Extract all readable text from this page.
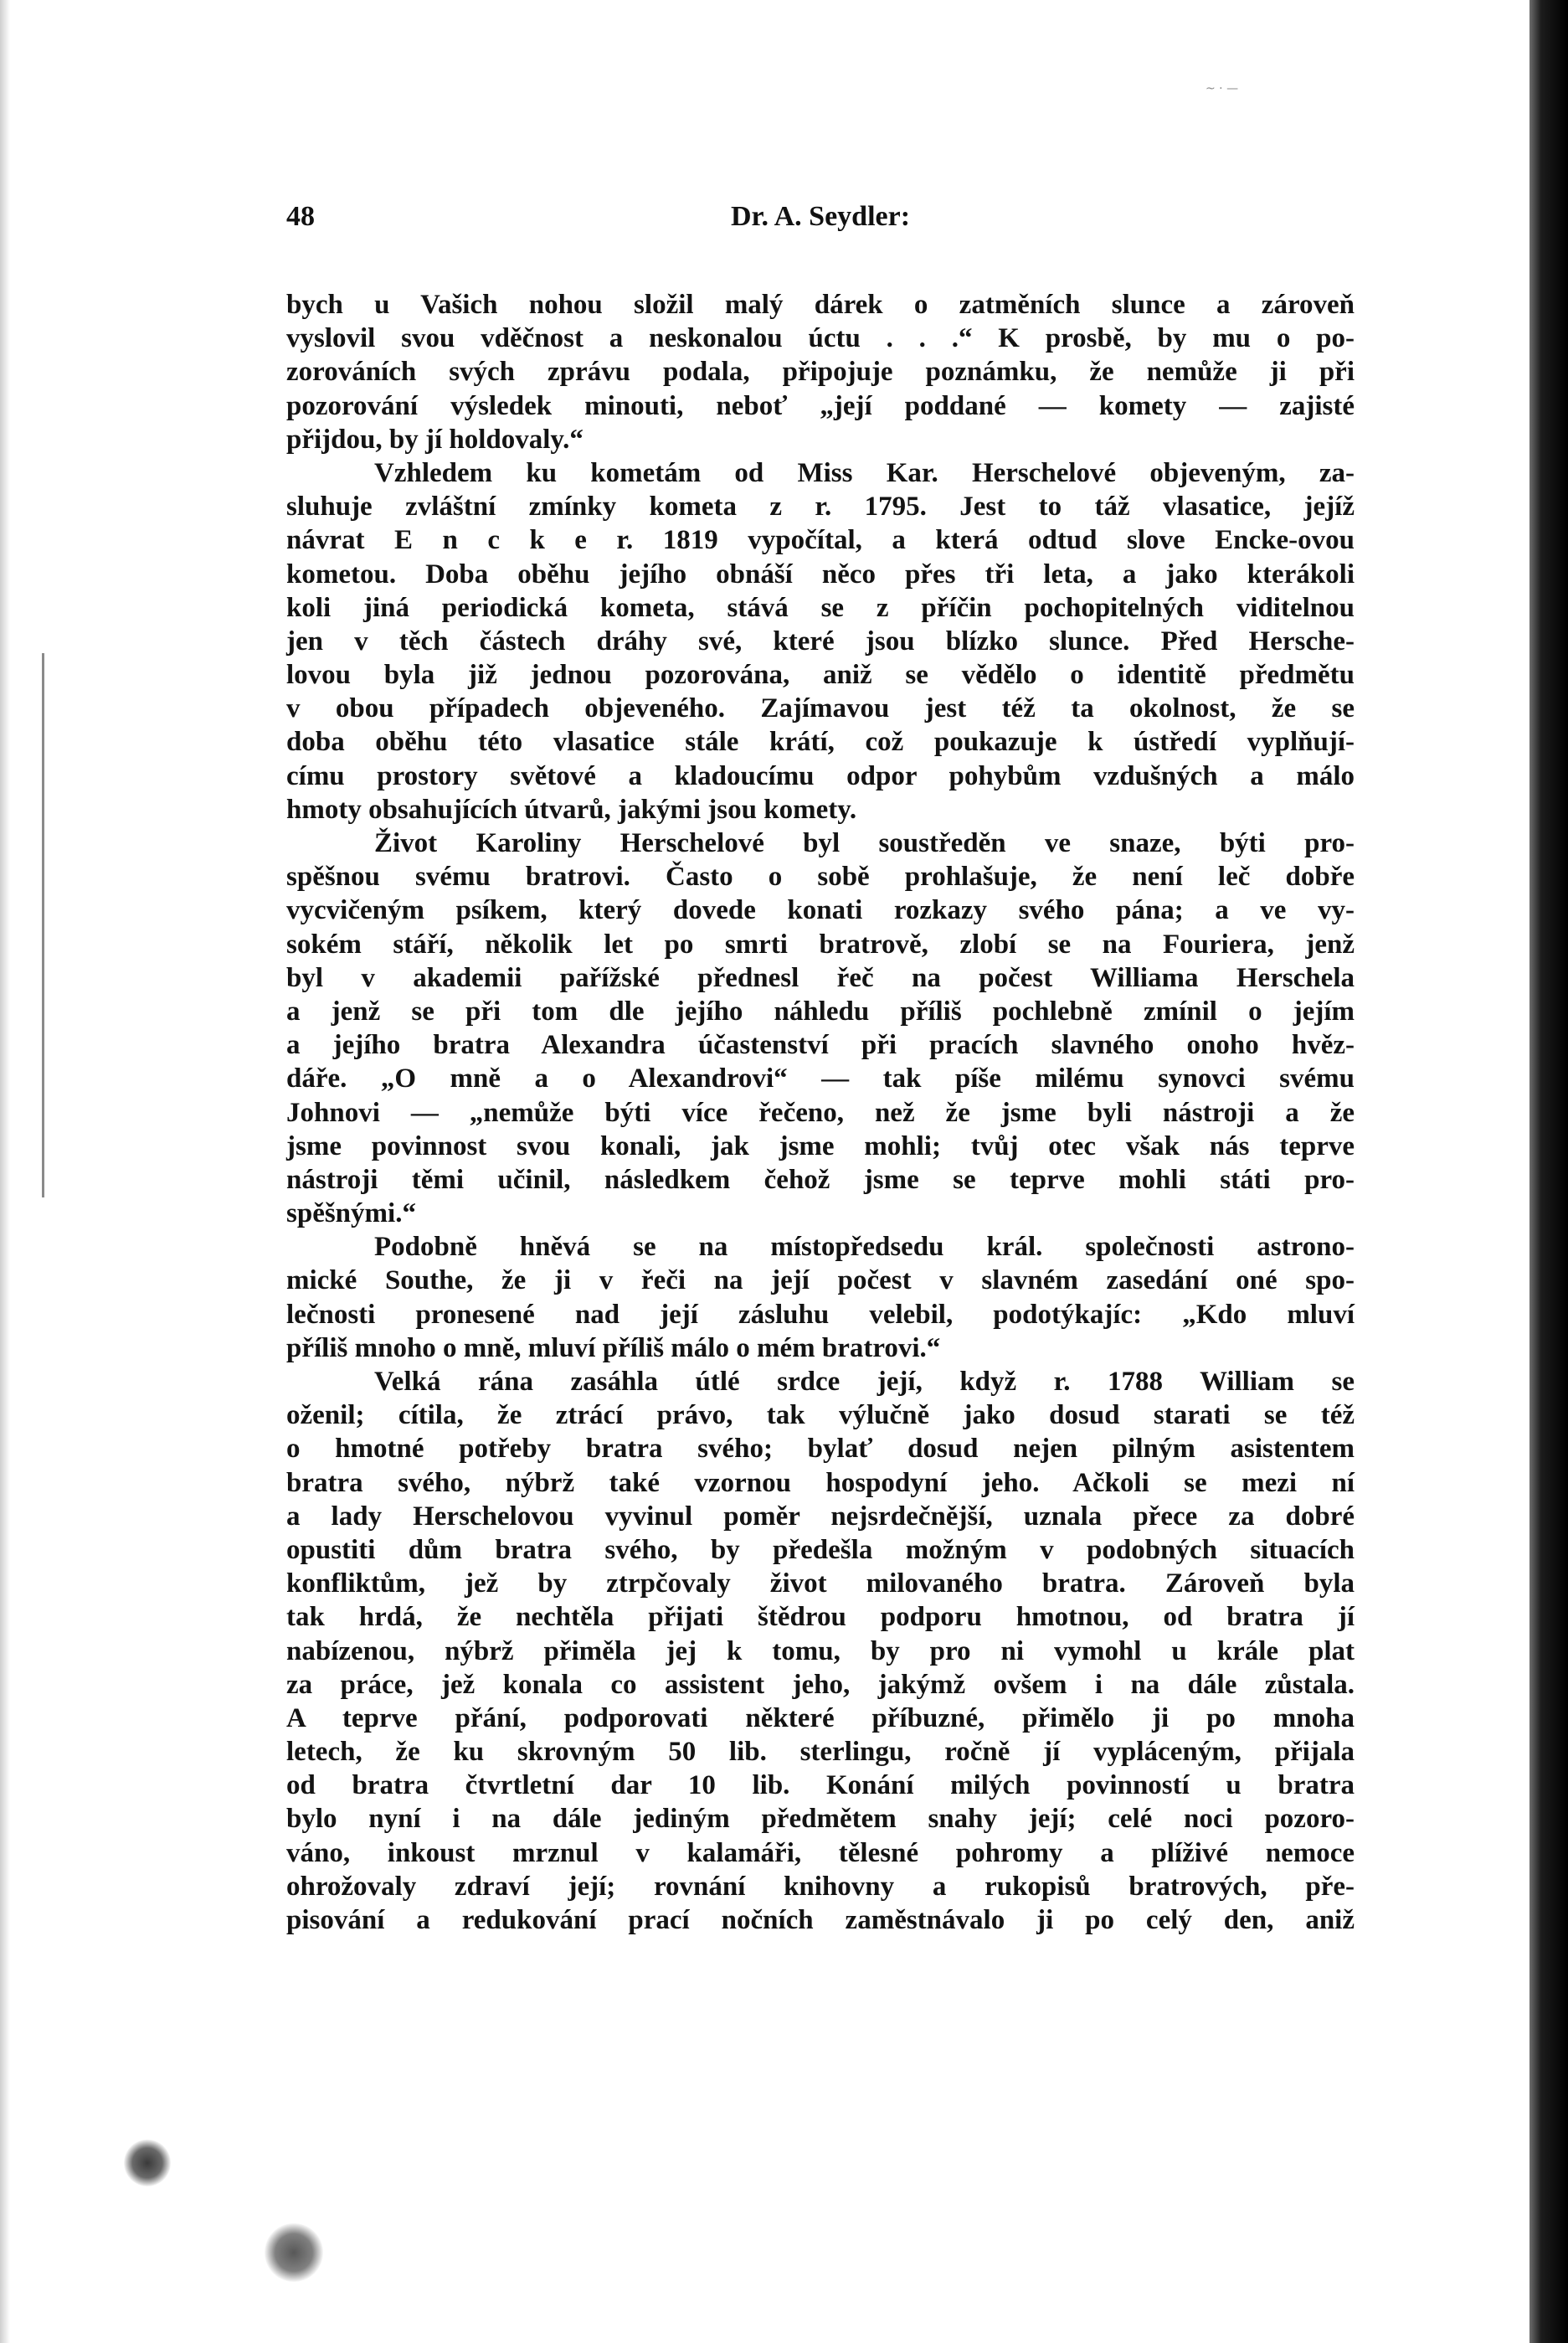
~ · —
48	Dr. A. Seydler:
bych u Vašich nohou složil malý dárek o zatměních slunce a zároveň
vyslovil svou vděčnost a neskonalou úctu . . .“ K prosbě, by mu o po-
zorováních svých zprávu podala, připojuje poznámku, že nemůže ji při
pozorování výsledek minouti, neboť „její poddané — komety — zajisté
přijdou, by jí holdovaly.“
Vzhledem ku kometám od Miss Kar. Herschelové objeveným, za-
sluhuje zvláštní zmínky kometa z r. 1795. Jest to táž vlasatice, jejíž
návrat E n c k e r. 1819 vypočítal, a která odtud slove Encke-ovou
kometou. Doba oběhu jejího obnáší něco přes tři leta, a jako kterákoli
koli jiná periodická kometa, stává se z příčin pochopitelných viditelnou
jen v těch částech dráhy své, které jsou blízko slunce. Před Hersche-
lovou byla již jednou pozorována, aniž se vědělo o identitě předmětu
v obou případech objeveného. Zajímavou jest též ta okolnost, že se
doba oběhu této vlasatice stále krátí, což poukazuje k ústředí vyplňují-
címu prostory světové a kladoucímu odpor pohybům vzdušných a málo
hmoty obsahujících útvarů, jakými jsou komety.
Život Karoliny Herschelové byl soustředěn ve snaze, býti pro-
spěšnou svému bratrovi. Často o sobě prohlašuje, že není leč dobře
vycvičeným psíkem, který dovede konati rozkazy svého pána; a ve vy-
sokém stáří, několik let po smrti bratrově, zlobí se na Fouriera, jenž
byl v akademii pařížské přednesl řeč na počest Williama Herschela
a jenž se při tom dle jejího náhledu příliš pochlebně zmínil o jejím
a jejího bratra Alexandra účastenství při pracích slavného onoho hvěz-
dáře. „O mně a o Alexandrovi“ — tak píše milému synovci svému
Johnovi — „nemůže býti více řečeno, než že jsme byli nástroji a že
jsme povinnost svou konali, jak jsme mohli; tvůj otec však nás teprve
nástroji těmi učinil, následkem čehož jsme se teprve mohli státi pro-
spěšnými.“
Podobně hněvá se na místopředsedu král. společnosti astrono-
mické Southe, že ji v řeči na její počest v slavném zasedání oné spo-
lečnosti pronesené nad její zásluhu velebil, podotýkajíc: „Kdo mluví
příliš mnoho o mně, mluví příliš málo o mém bratrovi.“
Velká rána zasáhla útlé srdce její, když r. 1788 William se
oženil; cítila, že ztrácí právo, tak výlučně jako dosud starati se též
o hmotné potřeby bratra svého; bylať dosud nejen pilným asistentem
bratra svého, nýbrž také vzornou hospodyní jeho. Ačkoli se mezi ní
a lady Herschelovou vyvinul poměr nejsrdečnější, uznala přece za dobré
opustiti dům bratra svého, by předešla možným v podobných situacích
konfliktům, jež by ztrpčovaly život milovaného bratra. Zároveň byla
tak hrdá, že nechtěla přijati štědrou podporu hmotnou, od bratra jí
nabízenou, nýbrž přiměla jej k tomu, by pro ni vymohl u krále plat
za práce, jež konala co assistent jeho, jakýmž ovšem i na dále zůstala.
A teprve přání, podporovati některé příbuzné, přimělo ji po mnoha
letech, že ku skrovným 50 lib. sterlingu, ročně jí vypláceným, přijala
od bratra čtvrtletní dar 10 lib. Konání milých povinností u bratra
bylo nyní i na dále jediným předmětem snahy její; celé noci pozoro-
váno, inkoust mrznul v kalamáři, tělesné pohromy a plíživé nemoce
ohrožovaly zdraví její; rovnání knihovny a rukopisů bratrových, pře-
pisování a redukování prací nočních zaměstnávalo ji po celý den, aniž
